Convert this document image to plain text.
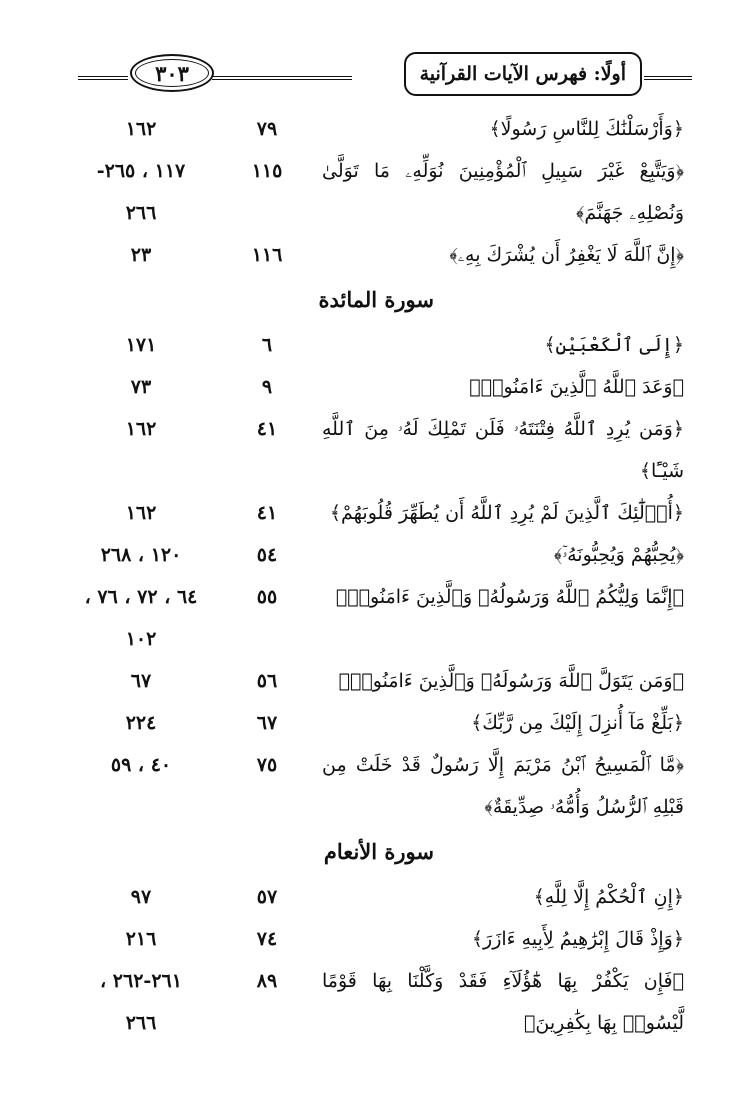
أولًا: فهرس الآيات القرآنية
٣٠٣
﴿وَأَرْسَلْنَٰكَ لِلنَّاسِ رَسُولًا﴾
٧٩
١٦٢
﴿وَيَتَّبِعْ غَيْرَ سَبِيلِ ٱلْمُؤْمِنِينَ نُوَلِّهِۦ مَا تَوَلَّىٰ وَنُصْلِهِۦ جَهَنَّمَ﴾
١١٥
١١٧ ، ٢٦٥-
٢٦٦
﴿إِنَّ ٱللَّهَ لَا يَغْفِرُ أَن يُشْرَكَ بِهِۦ﴾
١١٦
٢٣
سورة المائدة
﴿إِلَى ٱلْكَعْبَيْنِ﴾
٦
١٧١
﴿وَعَدَ ٱللَّهُ ٱلَّذِينَ ءَامَنُوا۟﴾
٩
٧٣
﴿وَمَن يُرِدِ ٱللَّهُ فِتْنَتَهُۥ فَلَن تَمْلِكَ لَهُۥ مِنَ ٱللَّهِ شَيْـًٔا﴾
٤١
١٦٢
﴿أُو۟لَٰٓئِكَ ٱلَّذِينَ لَمْ يُرِدِ ٱللَّهُ أَن يُطَهِّرَ قُلُوبَهُمْ﴾
٤١
١٦٢
﴿يُحِبُّهُمْ وَيُحِبُّونَهُۥٓ﴾
٥٤
١٢٠ ، ٢٦٨
﴿إِنَّمَا وَلِيُّكُمُ ٱللَّهُ وَرَسُولُهُۥ وَٱلَّذِينَ ءَامَنُوا۟﴾
٥٥
٦٤ ، ٧٢ ، ٧٦ ،
١٠٢
﴿وَمَن يَتَوَلَّ ٱللَّهَ وَرَسُولَهُۥ وَٱلَّذِينَ ءَامَنُوا۟﴾
٥٦
٦٧
﴿بَلِّغْ مَآ أُنزِلَ إِلَيْكَ مِن رَّبِّكَ﴾
٦٧
٢٢٤
﴿مَّا ٱلْمَسِيحُ ٱبْنُ مَرْيَمَ إِلَّا رَسُولٌ قَدْ خَلَتْ مِن قَبْلِهِ ٱلرُّسُلُ وَأُمُّهُۥ صِدِّيقَةٌ﴾
٧٥
٤٠ ، ٥٩
سورة الأنعام
﴿إِنِ ٱلْحُكْمُ إِلَّا لِلَّهِ﴾
٥٧
٩٧
﴿وَإِذْ قَالَ إِبْرَٰهِيمُ لِأَبِيهِ ءَازَرَ﴾
٧٤
٢١٦
﴿فَإِن يَكْفُرْ بِهَا هَٰٓؤُلَآءِ فَقَدْ وَكَّلْنَا بِهَا قَوْمًا لَّيْسُوا۟ بِهَا بِكَٰفِرِينَ﴾
٨٩
٢٦١-٢٦٢ ،
٢٦٦
